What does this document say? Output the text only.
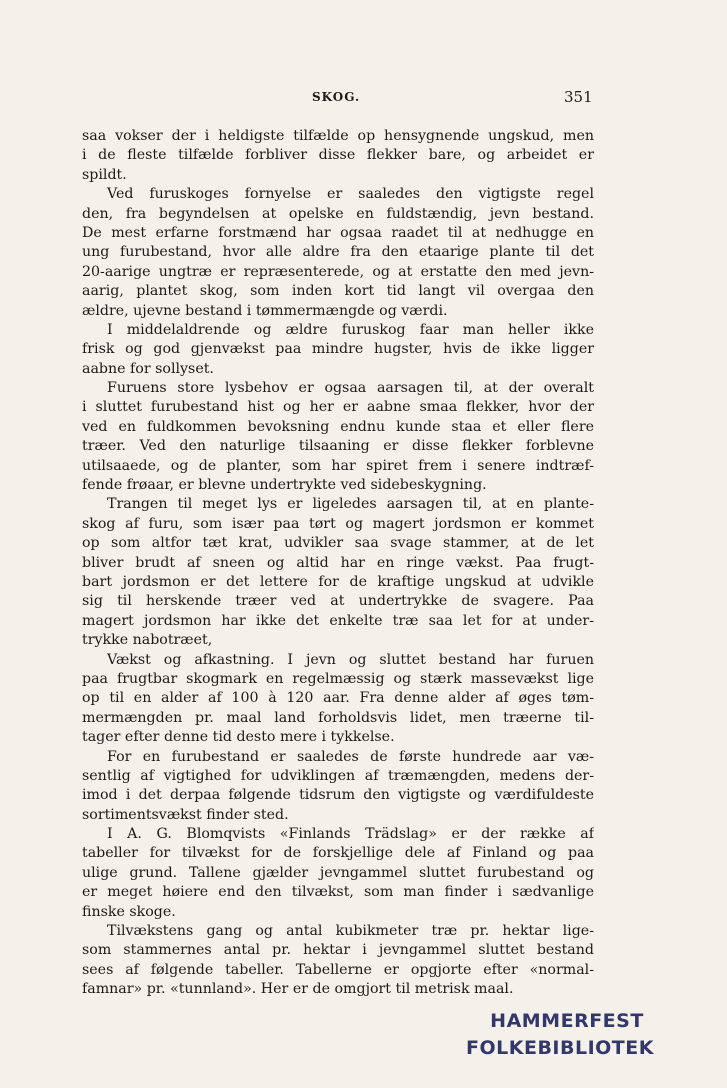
SKOG.	351
saa vokser der i heldigste tilfælde op hensygnende ungskud, men
i de fleste tilfælde forbliver disse flekker bare, og arbeidet er
spildt.
Ved furuskoges fornyelse er saaledes den vigtigste regel
den, fra begyndelsen at opelske en fuldstændig, jevn bestand.
De mest erfarne forstmænd har ogsaa raadet til at nedhugge en
ung furubestand, hvor alle aldre fra den etaarige plante til det
20-aarige ungtræ er repræsenterede, og at erstatte den med jevn-
aarig, plantet skog, som inden kort tid langt vil overgaa den
ældre, ujevne bestand i tømmermængde og værdi.
I middelaldrende og ældre furuskog faar man heller ikke
frisk og god gjenvækst paa mindre hugster, hvis de ikke ligger
aabne for sollyset.
Furuens store lysbehov er ogsaa aarsagen til, at der overalt
i sluttet furubestand hist og her er aabne smaa flekker, hvor der
ved en fuldkommen bevoksning endnu kunde staa et eller flere
træer. Ved den naturlige tilsaaning er disse flekker forblevne
utilsaaede, og de planter, som har spiret frem i senere indtræf-
fende frøaar, er blevne undertrykte ved sidebeskygning.
Trangen til meget lys er ligeledes aarsagen til, at en plante-
skog af furu, som især paa tørt og magert jordsmon er kommet
op som altfor tæt krat, udvikler saa svage stammer, at de let
bliver brudt af sneen og altid har en ringe vækst. Paa frugt-
bart jordsmon er det lettere for de kraftige ungskud at udvikle
sig til herskende træer ved at undertrykke de svagere. Paa
magert jordsmon har ikke det enkelte træ saa let for at under-
trykke nabotræet,
Vækst og afkastning. I jevn og sluttet bestand har furuen
paa frugtbar skogmark en regelmæssig og stærk massevækst lige
op til en alder af 100 à 120 aar. Fra denne alder af øges tøm-
mermængden pr. maal land forholdsvis lidet, men træerne til-
tager efter denne tid desto mere i tykkelse.
For en furubestand er saaledes de første hundrede aar væ-
sentlig af vigtighed for udviklingen af træmængden, medens der-
imod i det derpaa følgende tidsrum den vigtigste og værdifuldeste
sortimentsvækst finder sted.
I A. G. Blomqvists «Finlands Trädslag» er der række af
tabeller for tilvækst for de forskjellige dele af Finland og paa
ulige grund. Tallene gjælder jevngammel sluttet furubestand og
er meget høiere end den tilvækst, som man finder i sædvanlige
finske skoge.
Tilvækstens gang og antal kubikmeter træ pr. hektar lige-
som stammernes antal pr. hektar i jevngammel sluttet bestand
sees af følgende tabeller. Tabellerne er opgjorte efter «normal-
famnar» pr. «tunnland». Her er de omgjort til metrisk maal.
HAMMERFEST
FOLKEBIBLIOTEK
